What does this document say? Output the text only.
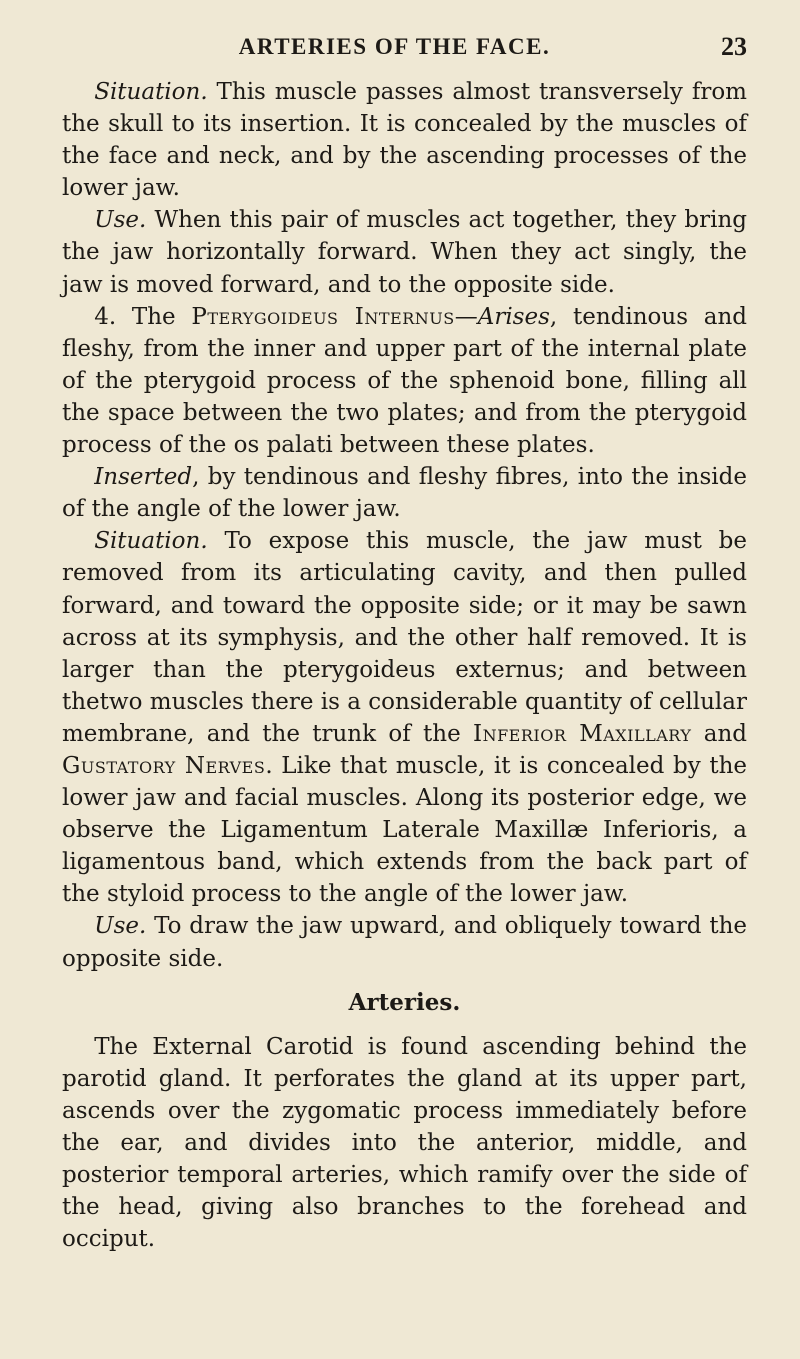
ARTERIES OF THE FACE.	23

Situation. This muscle passes almost transversely from the skull to its insertion. It is concealed by the muscles of the face and neck, and by the ascending processes of the lower jaw.

Use. When this pair of muscles act together, they bring the jaw horizontally forward. When they act singly, the jaw is moved forward, and to the opposite side.

4. The Pterygoideus Internus—Arises, tendinous and fleshy, from the inner and upper part of the internal plate of the pterygoid process of the sphenoid bone, filling all the space between the two plates; and from the pterygoid process of the os palati between these plates.

Inserted, by tendinous and fleshy fibres, into the inside of the angle of the lower jaw.

Situation. To expose this muscle, the jaw must be removed from its articulating cavity, and then pulled forward, and toward the opposite side; or it may be sawn across at its symphysis, and the other half removed. It is larger than the pterygoideus externus; and between thetwo muscles there is a considerable quantity of cellular membrane, and the trunk of the Inferior Maxillary and Gustatory Nerves. Like that muscle, it is concealed by the lower jaw and facial muscles. Along its posterior edge, we observe the Ligamentum Laterale Maxillæ Inferioris, a ligamentous band, which extends from the back part of the styloid process to the angle of the lower jaw.

Use. To draw the jaw upward, and obliquely toward the opposite side.

Arteries.

The External Carotid is found ascending behind the parotid gland. It perforates the gland at its upper part, ascends over the zygomatic process immediately before the ear, and divides into the anterior, middle, and posterior temporal arteries, which ramify over the side of the head, giving also branches to the forehead and occiput.
